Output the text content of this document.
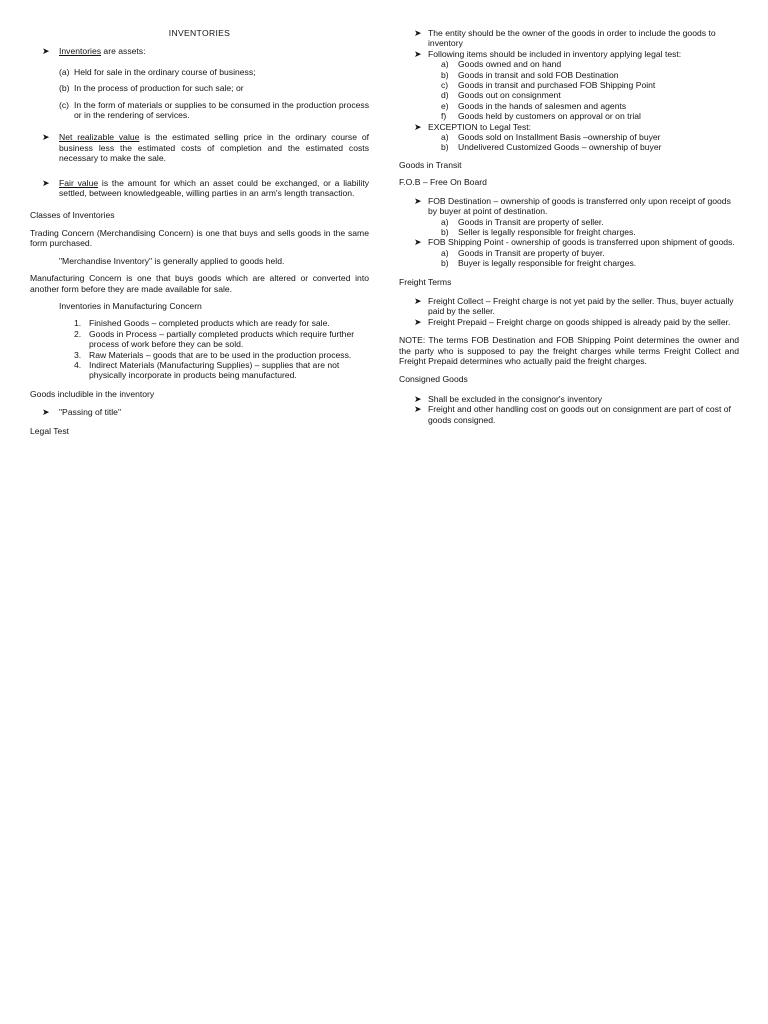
INVENTORIES

➤ Inventories are assets:
(a) Held for sale in the ordinary course of business;
(b) In the process of production for such sale; or
(c) In the form of materials or supplies to be consumed in the production process or in the rendering of services.
➤ Net realizable value is the estimated selling price in the ordinary course of business less the estimated costs of completion and the estimated costs necessary to make the sale.
➤ Fair value is the amount for which an asset could be exchanged, or a liability settled, between knowledgeable, willing parties in an arm's length transaction.

Classes of Inventories

Trading Concern (Merchandising Concern) is one that buys and sells goods in the same form purchased.

"Merchandise Inventory" is generally applied to goods held.

Manufacturing Concern is one that buys goods which are altered or converted into another form before they are made available for sale.

Inventories in Manufacturing Concern

1. Finished Goods – completed products which are ready for sale.
2. Goods in Process – partially completed products which require further process of work before they can be sold.
3. Raw Materials – goods that are to be used in the production process.
4. Indirect Materials (Manufacturing Supplies) – supplies that are not physically incorporate in products being manufactured.

Goods includible in the inventory

➤ "Passing of title"

Legal Test

➤ The entity should be the owner of the goods in order to include the goods to inventory
➤ Following items should be included in inventory applying legal test:
a) Goods owned and on hand
b) Goods in transit and sold FOB Destination
c) Goods in transit and purchased FOB Shipping Point
d) Goods out on consignment
e) Goods in the hands of salesmen and agents
f) Goods held by customers on approval or on trial
➤ EXCEPTION to Legal Test:
a) Goods sold on Installment Basis –ownership of buyer
b) Undelivered Customized Goods – ownership of buyer

Goods in Transit

F.O.B – Free On Board

➤ FOB Destination – ownership of goods is transferred only upon receipt of goods by buyer at point of destination.
a) Goods in Transit are property of seller.
b) Seller is legally responsible for freight charges.
➤ FOB Shipping Point - ownership of goods is transferred upon shipment of goods.
a) Goods in Transit are property of buyer.
b) Buyer is legally responsible for freight charges.

Freight Terms

➤ Freight Collect – Freight charge is not yet paid by the seller. Thus, buyer actually paid by the seller.
➤ Freight Prepaid – Freight charge on goods shipped is already paid by the seller.

NOTE: The terms FOB Destination and FOB Shipping Point determines the owner and the party who is supposed to pay the freight charges while terms Freight Collect and Freight Prepaid determines who actually paid the freight charges.

Consigned Goods

➤ Shall be excluded in the consignor's inventory
➤ Freight and other handling cost on goods out on consignment are part of cost of goods consigned.
